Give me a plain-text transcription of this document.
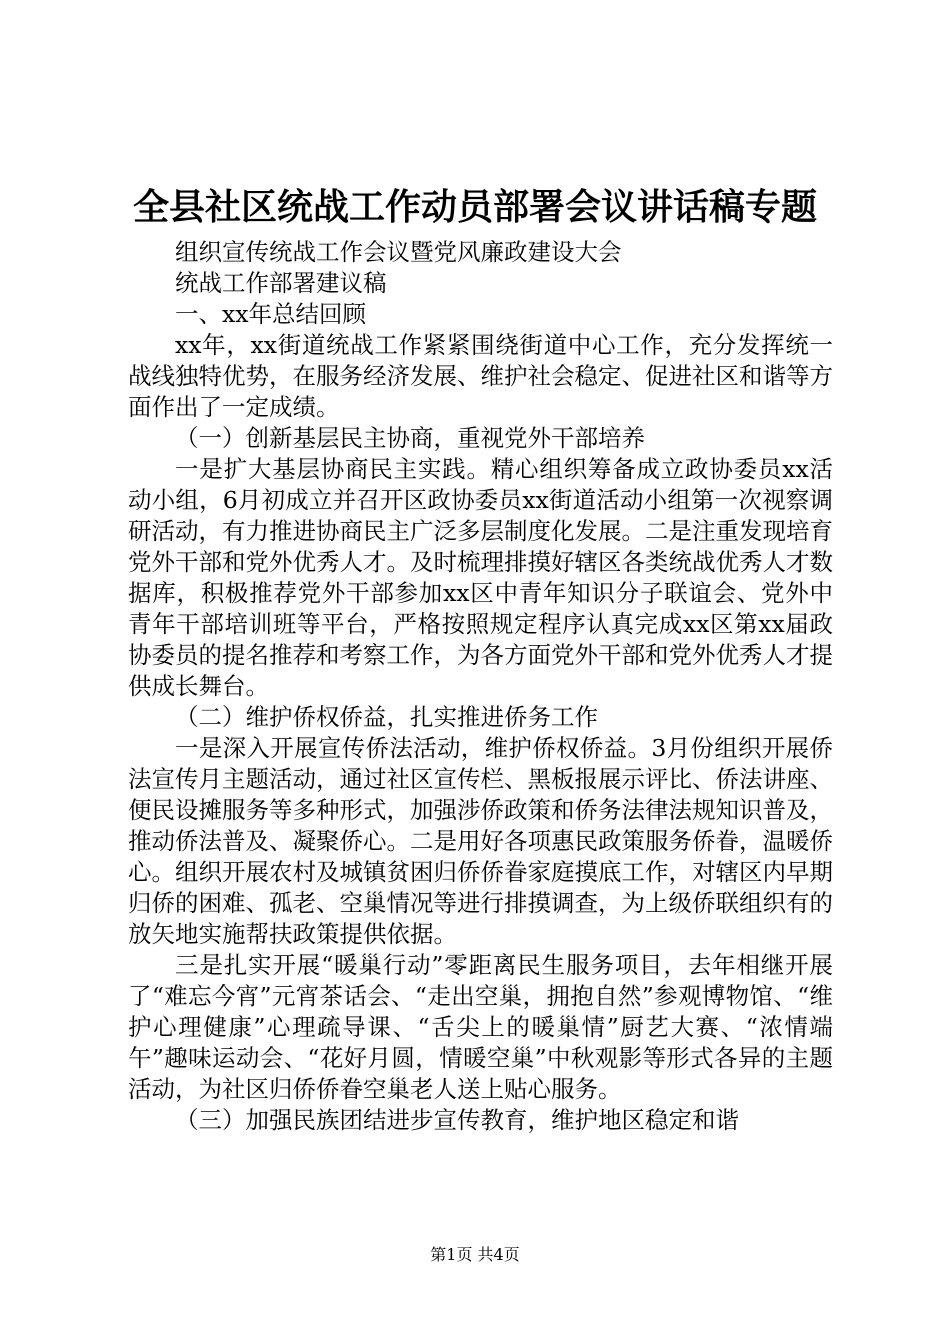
全县社区统战工作动员部署会议讲话稿专题

组织宣传统战工作会议暨党风廉政建设大会

统战工作部署建议稿

一、xx年总结回顾

xx年，xx街道统战工作紧紧围绕街道中心工作，充分发挥统一战线独特优势，在服务经济发展、维护社会稳定、促进社区和谐等方面作出了一定成绩。

（一）创新基层民主协商，重视党外干部培养

一是扩大基层协商民主实践。精心组织筹备成立政协委员xx活动小组，6月初成立并召开区政协委员xx街道活动小组第一次视察调研活动，有力推进协商民主广泛多层制度化发展。二是注重发现培育党外干部和党外优秀人才。及时梳理排摸好辖区各类统战优秀人才数据库，积极推荐党外干部参加xx区中青年知识分子联谊会、党外中青年干部培训班等平台，严格按照规定程序认真完成xx区第xx届政协委员的提名推荐和考察工作，为各方面党外干部和党外优秀人才提供成长舞台。

（二）维护侨权侨益，扎实推进侨务工作

一是深入开展宣传侨法活动，维护侨权侨益。3月份组织开展侨法宣传月主题活动，通过社区宣传栏、黑板报展示评比、侨法讲座、便民设摊服务等多种形式，加强涉侨政策和侨务法律法规知识普及，推动侨法普及、凝聚侨心。二是用好各项惠民政策服务侨眷，温暖侨心。组织开展农村及城镇贫困归侨侨眷家庭摸底工作，对辖区内早期归侨的困难、孤老、空巢情况等进行排摸调查，为上级侨联组织有的放矢地实施帮扶政策提供依据。

三是扎实开展“暖巢行动”零距离民生服务项目，去年相继开展了“难忘今宵”元宵茶话会、“走出空巢，拥抱自然”参观博物馆、“维护心理健康”心理疏导课、“舌尖上的暖巢情”厨艺大赛、“浓情端午”趣味运动会、“花好月圆，情暖空巢”中秋观影等形式各异的主题活动，为社区归侨侨眷空巢老人送上贴心服务。

（三）加强民族团结进步宣传教育，维护地区稳定和谐

第1页 共4页
